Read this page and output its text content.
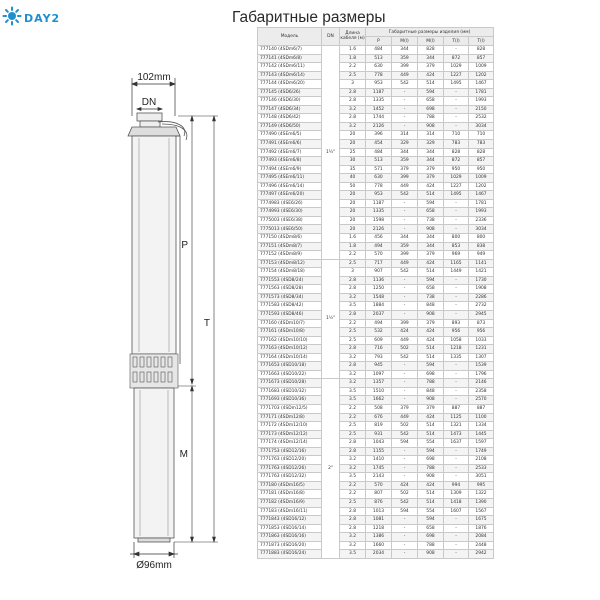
DAY2	Габаритные размеры
102mm
DN
P
T
M
Ø96mm
Модель	DN	Длина кабеля (м)	Габаритные размеры изделия (мм)				
			P	M(l)	M(l)	T(l)	T(l)
777140 (4SDm6/7)	1¼"	1.6	484	344	828	-	828
777141 (4SDm6/8)		1.8	513	359	344	872	857
777142 (4SDm6/11)		2.2	630	399	379	1029	1009
777143 (4SDm6/14)		2.5	778	449	424	1227	1202
777144 (4SDm6/20)		3	953	542	514	1495	1467
777145 (4SD6/26)		2.8	1187	-	594	-	1781
777146 (4SD6/30)		2.8	1335	-	658	-	1993
777147 (4SD6/34)		3.2	1452	-	698	-	2150
777148 (4SD6/42)		2.8	1744	-	788	-	2532
777149 (4SD6/50)		3.2	2126	-	908	-	3034
777490 (4SEm6/5)		20	396	314	314	710	710
777491 (4SEm6/6)		20	454	329	329	783	783
777492 (4SEm6/7)		25	484	344	344	828	828
777493 (4SEm6/8)		30	513	359	344	872	857
777494 (4SEm6/9)		35	571	379	379	950	950
777495 (4SEm6/11)		40	630	399	379	1029	1009
777496 (4SEm6/14)		50	778	449	424	1227	1202
777497 (4SEm6/20)		20	953	542	514	1495	1467
7774983 (4SE6/26)		20	1187	-	594	-	1781
7774993 (4SE6/30)		20	1335	-	658	-	1993
7775003 (4SE6/38)		20	1598	-	738	-	2336
7775013 (4SE6/50)		20	2126	-	908	-	3034
777150 (4SDm8/6)		1.6	456	344	344	800	800
777151 (4SDm8/7)		1.8	494	359	344	853	838
777152 (4SDm8/9)		2.2	570	399	379	969	949
777153 (4SDm8/12)	1½"	2.5	717	449	424	1165	1141
777154 (4SDm8/18)		3	907	542	514	1449	1421
7771553 (4SD8/24)		2.8	1136	-	594	-	1730
7771563 (4SD8/28)		2.8	1250	-	658	-	1908
7771573 (4SD8/34)		3.2	1548	-	738	-	2286
7771583 (4SD8/42)		3.5	1884	-	848	-	2732
7771593 (4SD8/46)		2.8	2037	-	908	-	2945
777160 (4SDm10/7)		2.2	494	399	379	893	873
777161 (4SDm10/8)		2.5	532	424	424	956	956
777162 (4SDm10/10)		2.5	609	449	424	1058	1033
777163 (4SDm10/12)		2.8	716	502	514	1218	1231
777164 (4SDm10/14)		3.2	793	542	514	1335	1307
7771653 (4SD10/18)		2.8	945	-	594	-	1539
7771663 (4SD10/22)		3.2	1097	-	698	-	1796
7771673 (4SD10/28)	2"	3.2	1357	-	788	-	2146
7771683 (4SD10/32)		3.5	1510	-	848	-	2358
7771693 (4SD10/36)		3.5	1662	-	908	-	2570
7771703 (4SDm12/5)		2.2	508	379	379	887	887
777171 (4SDm12/8)		2.2	676	449	424	1125	1100
777172 (4SDm12/10)		2.5	819	502	514	1321	1334
777173 (4SDm12/12)		2.5	931	542	514	1473	1445
777174 (4SDm12/14)		2.8	1043	594	554	1637	1597
7771753 (4SD12/16)		2.8	1155	-	594	-	1749
7771763 (4SD12/20)		3.2	1410	-	698	-	2108
7771763 (4SD12/26)		3.2	1745	-	788	-	2533
7771763 (4SD12/32)		3.5	2143	-	908	-	3051
777180 (4SDm16/5)		2.2	570	424	424	994	995
777181 (4SDm16/8)		2.2	807	502	514	1309	1322
777182 (4SDm16/9)		2.5	876	542	514	1418	1390
777183 (4SDm16/11)		2.8	1013	594	554	1607	1567
7771843 (4SD16/12)		2.8	1081	-	594	-	1675
7771853 (4SD16/14)		2.8	1218	-	658	-	1876
7771863 (4SD16/16)		3.2	1386	-	698	-	2084
7771873 (4SD16/20)		3.2	1660	-	788	-	2448
7771883 (4SD16/24)		3.5	2034	-	908	-	2942
